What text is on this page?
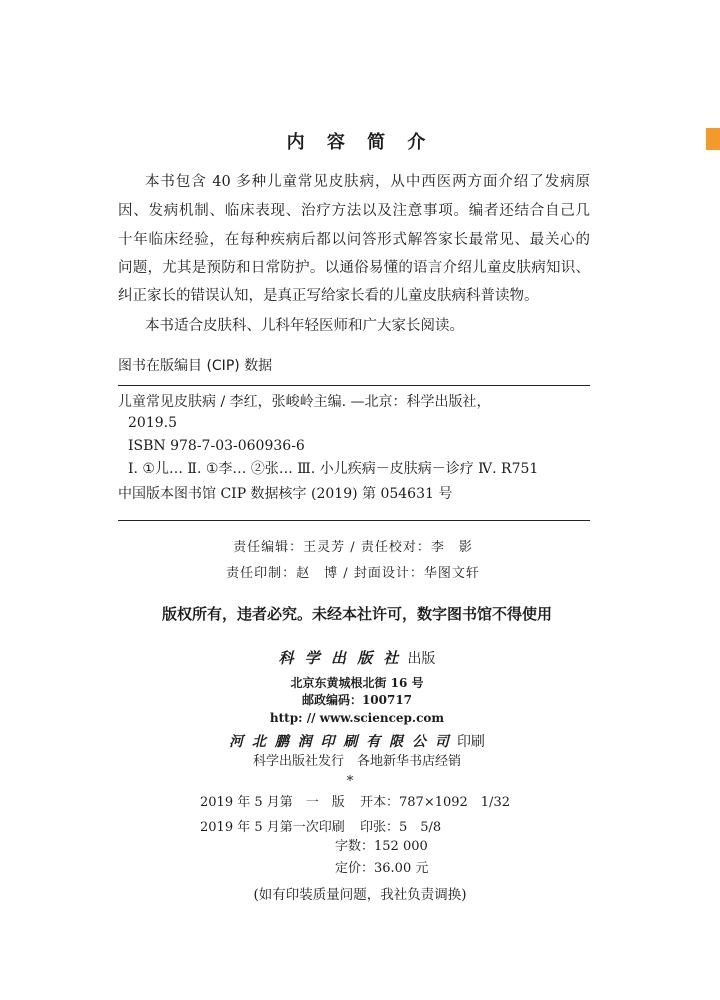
内 容 简 介
本书包含 40 多种儿童常见皮肤病，从中西医两方面介绍了发病原
因、发病机制、临床表现、治疗方法以及注意事项。编者还结合自己几
十年临床经验，在每种疾病后都以问答形式解答家长最常见、最关心的
问题，尤其是预防和日常防护。以通俗易懂的语言介绍儿童皮肤病知识、
纠正家长的错误认知，是真正写给家长看的儿童皮肤病科普读物。
本书适合皮肤科、儿科年轻医师和广大家长阅读。
图书在版编目 (CIP) 数据
儿童常见皮肤病 / 李红，张峻岭主编. —北京：科学出版社，
2019.5
ISBN 978-7-03-060936-6
Ⅰ. ①儿… Ⅱ. ①李… ②张… Ⅲ. 小儿疾病－皮肤病－诊疗 Ⅳ. R751
中国版本图书馆 CIP 数据核字 (2019) 第 054631 号
责任编辑：王灵芳 / 责任校对：李　影
责任印制：赵　博 / 封面设计：华图文轩
版权所有，违者必究。未经本社许可，数字图书馆不得使用
科 学 出 版 社 出版
北京东黄城根北街 16 号
邮政编码：100717
http: // www.sciencep.com
河 北 鹏 润 印 刷 有 限 公 司 印刷
科学出版社发行　各地新华书店经销
*
2019 年 5 月第　一　版 开本：787×1092　1/32
2019 年 5 月第一次印刷 印张：5　5/8
字数：152 000
定价：36.00 元
(如有印装质量问题，我社负责调换)
